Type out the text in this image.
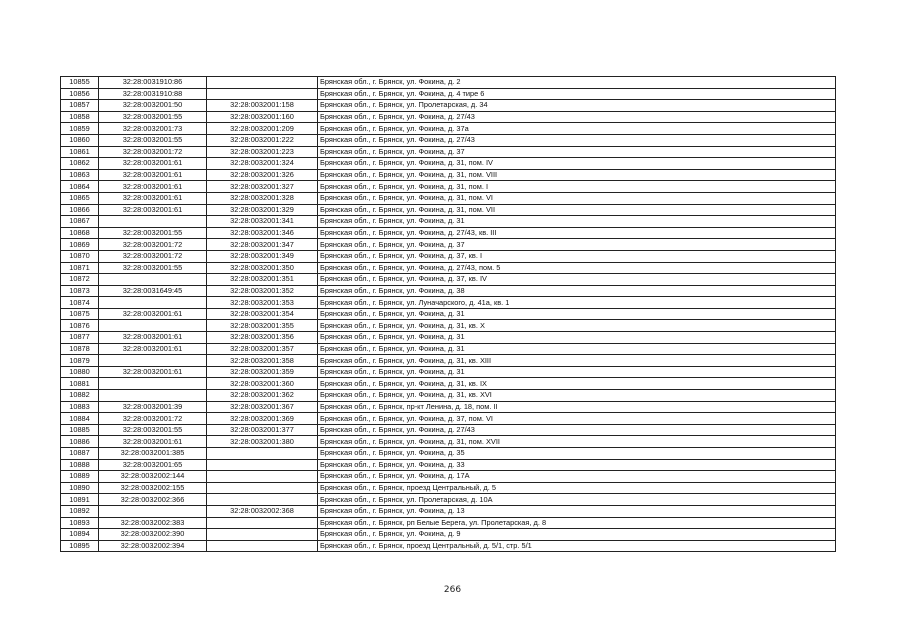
10855	32:28:0031910:86		Брянская обл., г. Брянск, ул. Фокина, д. 2
10856	32:28:0031910:88		Брянская обл., г. Брянск, ул. Фокина, д. 4 тире 6
10857	32:28:0032001:50	32:28:0032001:158	Брянская обл., г. Брянск, ул. Пролетарская, д. 34
10858	32:28:0032001:55	32:28:0032001:160	Брянская обл., г. Брянск, ул. Фокина, д. 27/43
10859	32:28:0032001:73	32:28:0032001:209	Брянская обл., г. Брянск, ул. Фокина, д. 37а
10860	32:28:0032001:55	32:28:0032001:222	Брянская обл., г. Брянск, ул. Фокина, д. 27/43
10861	32:28:0032001:72	32:28:0032001:223	Брянская обл., г. Брянск, ул. Фокина, д. 37
10862	32:28:0032001:61	32:28:0032001:324	Брянская обл., г. Брянск, ул. Фокина, д. 31, пом. IV
10863	32:28:0032001:61	32:28:0032001:326	Брянская обл., г. Брянск, ул. Фокина, д. 31, пом. VIII
10864	32:28:0032001:61	32:28:0032001:327	Брянская обл., г. Брянск, ул. Фокина, д. 31, пом. I
10865	32:28:0032001:61	32:28:0032001:328	Брянская обл., г. Брянск, ул. Фокина, д. 31, пом. VI
10866	32:28:0032001:61	32:28:0032001:329	Брянская обл., г. Брянск, ул. Фокина, д. 31, пом. VII
10867		32:28:0032001:341	Брянская обл., г. Брянск, ул. Фокина, д. 31
10868	32:28:0032001:55	32:28:0032001:346	Брянская обл., г. Брянск, ул. Фокина, д. 27/43, кв. III
10869	32:28:0032001:72	32:28:0032001:347	Брянская обл., г. Брянск, ул. Фокина, д. 37
10870	32:28:0032001:72	32:28:0032001:349	Брянская обл., г. Брянск, ул. Фокина, д. 37, кв. I
10871	32:28:0032001:55	32:28:0032001:350	Брянская обл., г. Брянск, ул. Фокина, д. 27/43, пом. 5
10872		32:28:0032001:351	Брянская обл., г. Брянск, ул. Фокина, д. 37, кв. IV
10873	32:28:0031649:45	32:28:0032001:352	Брянская обл., г. Брянск, ул. Фокина, д. 38
10874		32:28:0032001:353	Брянская обл., г. Брянск, ул. Луначарского, д. 41а, кв. 1
10875	32:28:0032001:61	32:28:0032001:354	Брянская обл., г. Брянск, ул. Фокина, д. 31
10876		32:28:0032001:355	Брянская обл., г. Брянск, ул. Фокина, д. 31, кв. X
10877	32:28:0032001:61	32:28:0032001:356	Брянская обл., г. Брянск, ул. Фокина, д. 31
10878	32:28:0032001:61	32:28:0032001:357	Брянская обл., г. Брянск, ул. Фокина, д. 31
10879		32:28:0032001:358	Брянская обл., г. Брянск, ул. Фокина, д. 31, кв. XIII
10880	32:28:0032001:61	32:28:0032001:359	Брянская обл., г. Брянск, ул. Фокина, д. 31
10881		32:28:0032001:360	Брянская обл., г. Брянск, ул. Фокина, д. 31, кв. IX
10882		32:28:0032001:362	Брянская обл., г. Брянск, ул. Фокина, д. 31, кв. XVI
10883	32:28:0032001:39	32:28:0032001:367	Брянская обл., г. Брянск, пр-кт Ленина, д. 18, пом. II
10884	32:28:0032001:72	32:28:0032001:369	Брянская обл., г. Брянск, ул. Фокина, д. 37, пом. VI
10885	32:28:0032001:55	32:28:0032001:377	Брянская обл., г. Брянск, ул. Фокина, д. 27/43
10886	32:28:0032001:61	32:28:0032001:380	Брянская обл., г. Брянск, ул. Фокина, д. 31, пом. XVII
10887	32:28:0032001:385		Брянская обл., г. Брянск, ул. Фокина, д. 35
10888	32:28:0032001:65		Брянская обл., г. Брянск, ул. Фокина, д. 33
10889	32:28:0032002:144		Брянская обл., г. Брянск, ул. Фокина, д. 17А
10890	32:28:0032002:155		Брянская обл., г. Брянск, проезд Центральный, д. 5
10891	32:28:0032002:366		Брянская обл., г. Брянск, ул. Пролетарская, д. 10А
10892		32:28:0032002:368	Брянская обл., г. Брянск, ул. Фокина, д. 13
10893	32:28:0032002:383		Брянская обл., г. Брянск, рп Белые Берега, ул. Пролетарская, д. 8
10894	32:28:0032002:390		Брянская обл., г. Брянск, ул. Фокина, д. 9
10895	32:28:0032002:394		Брянская обл., г. Брянск, проезд Центральный, д. 5/1, стр. 5/1
266
